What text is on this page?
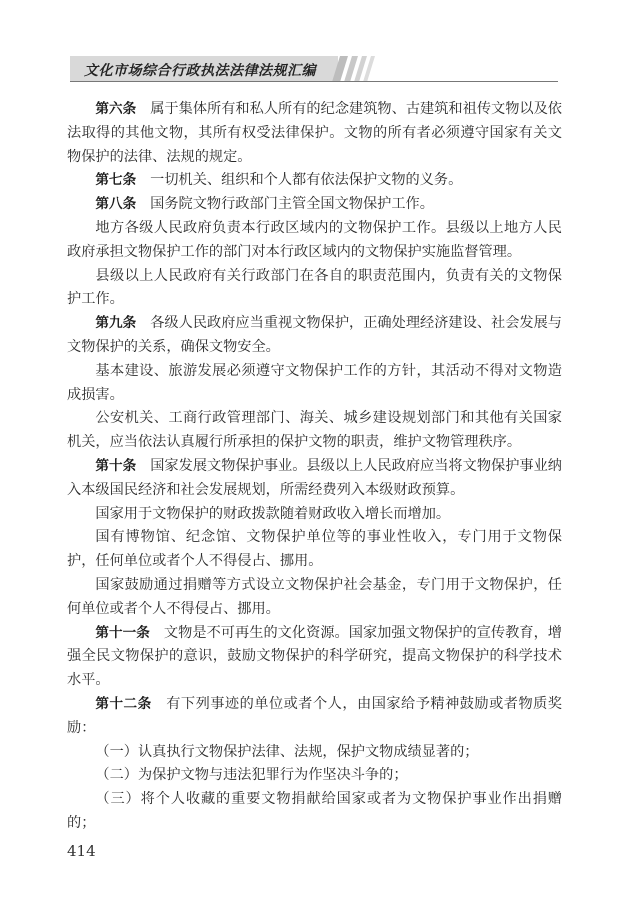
文化市场综合行政执法法律法规汇编

第六条 属于集体所有和私人所有的纪念建筑物、古建筑和祖传文物以及依法取得的其他文物，其所有权受法律保护。文物的所有者必须遵守国家有关文物保护的法律、法规的规定。

第七条 一切机关、组织和个人都有依法保护文物的义务。

第八条 国务院文物行政部门主管全国文物保护工作。

地方各级人民政府负责本行政区域内的文物保护工作。县级以上地方人民政府承担文物保护工作的部门对本行政区域内的文物保护实施监督管理。

县级以上人民政府有关行政部门在各自的职责范围内，负责有关的文物保护工作。

第九条 各级人民政府应当重视文物保护，正确处理经济建设、社会发展与文物保护的关系，确保文物安全。

基本建设、旅游发展必须遵守文物保护工作的方针，其活动不得对文物造成损害。

公安机关、工商行政管理部门、海关、城乡建设规划部门和其他有关国家机关，应当依法认真履行所承担的保护文物的职责，维护文物管理秩序。

第十条 国家发展文物保护事业。县级以上人民政府应当将文物保护事业纳入本级国民经济和社会发展规划，所需经费列入本级财政预算。

国家用于文物保护的财政拨款随着财政收入增长而增加。

国有博物馆、纪念馆、文物保护单位等的事业性收入，专门用于文物保护，任何单位或者个人不得侵占、挪用。

国家鼓励通过捐赠等方式设立文物保护社会基金，专门用于文物保护，任何单位或者个人不得侵占、挪用。

第十一条 文物是不可再生的文化资源。国家加强文物保护的宣传教育，增强全民文物保护的意识，鼓励文物保护的科学研究，提高文物保护的科学技术水平。

第十二条 有下列事迹的单位或者个人，由国家给予精神鼓励或者物质奖励：

（一）认真执行文物保护法律、法规，保护文物成绩显著的；

（二）为保护文物与违法犯罪行为作坚决斗争的；

（三）将个人收藏的重要文物捐献给国家或者为文物保护事业作出捐赠的；

414
